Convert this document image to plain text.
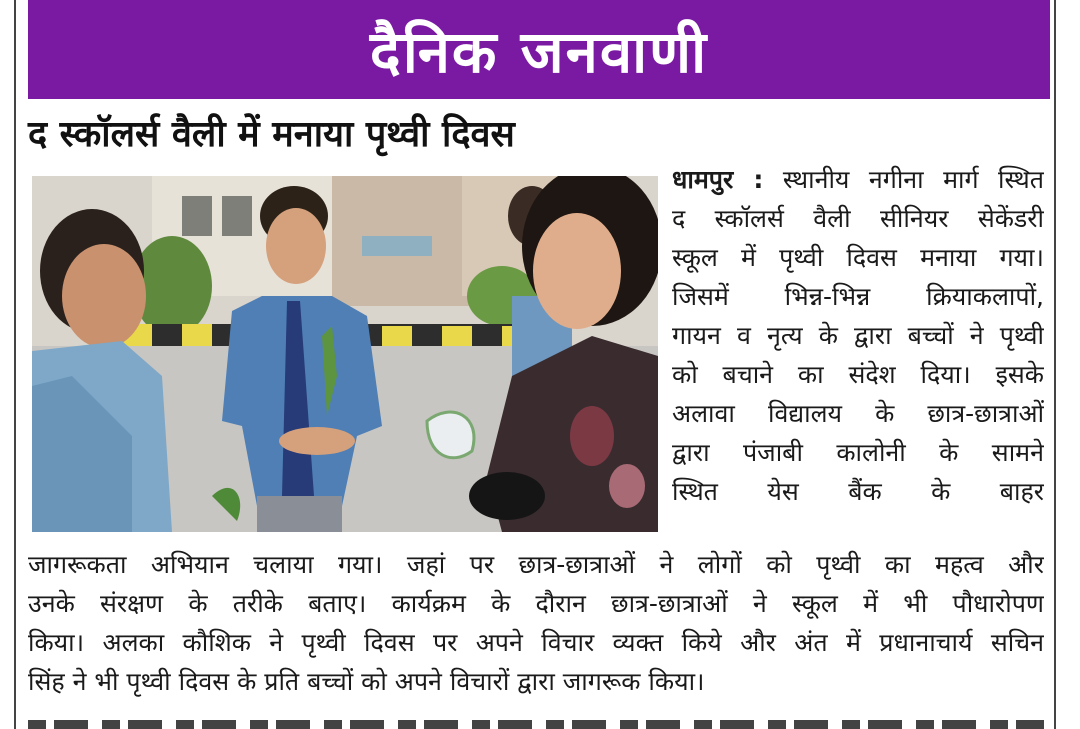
दैनिक जनवाणी
द स्कॉलर्स वैली में मनाया पृथ्वी दिवस
धामपुर : स्थानीय नगीना मार्ग स्थित
द स्कॉलर्स वैली सीनियर सेकेंडरी
स्कूल में पृथ्वी दिवस मनाया गया।
जिसमें भिन्न-भिन्न क्रियाकलापों,
गायन व नृत्य के द्वारा बच्चों ने पृथ्वी
को बचाने का संदेश दिया। इसके
अलावा विद्यालय के छात्र-छात्राओं
द्वारा पंजाबी कालोनी के सामने
स्थित येस बैंक के बाहर
जागरूकता अभियान चलाया गया। जहां पर छात्र-छात्राओं ने लोगों को पृथ्वी का महत्व और
उनके संरक्षण के तरीके बताए। कार्यक्रम के दौरान छात्र-छात्राओं ने स्कूल में भी पौधारोपण
किया। अलका कौशिक ने पृथ्वी दिवस पर अपने विचार व्यक्त किये और अंत में प्रधानाचार्य सचिन
सिंह ने भी पृथ्वी दिवस के प्रति बच्चों को अपने विचारों द्वारा जागरूक किया।
